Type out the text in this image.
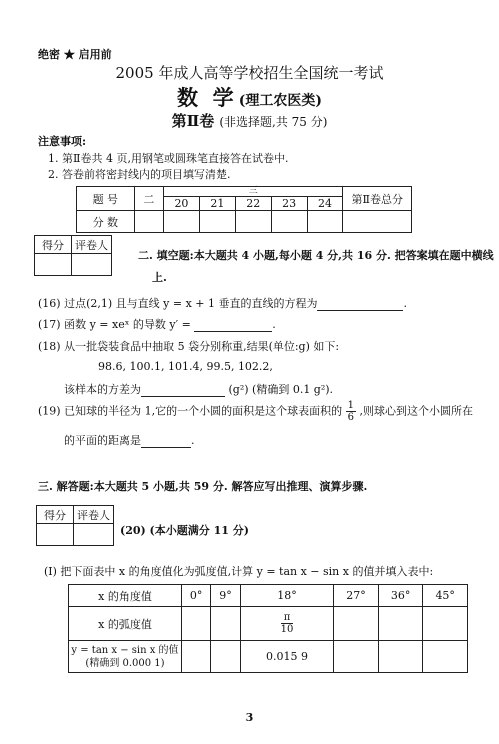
绝密 ★ 启用前
2005 年成人高等学校招生全国统一考试
数  学 (理工农医类)
第Ⅱ卷 (非选择题,共 75 分)
注意事项:
1. 第Ⅱ卷共 4 页,用钢笔或圆珠笔直接答在试卷中.
2. 答卷前将密封线内的项目填写清楚.
题 号	二	三					第Ⅱ卷总分
		20	21	22	23	24	
分 数							
得分	评卷人

二. 填空题:本大题共 4 小题,每小题 4 分,共 16 分. 把答案填在题中横线
上.
(16) 过点(2,1) 且与直线 y = x + 1 垂直的直线的方程为	.
(17) 函数 y = xeˣ 的导数 y′ =	.
(18) 从一批袋装食品中抽取 5 袋分别称重,结果(单位:g) 如下:
98.6, 100.1, 101.4, 99.5, 102.2,
该样本的方差为	(g²) (精确到 0.1 g²).
(19) 已知球的半径为 1,它的一个小圆的面积是这个球表面积的 $\frac{1}{6}$ ,则球心到这个小圆所在
的平面的距离是	.
三. 解答题:本大题共 5 小题,共 59 分. 解答应写出推理、演算步骤.
得分	评卷人

(20) (本小题满分 11 分)
(Ⅰ) 把下面表中 x 的角度值化为弧度值,计算 y = tan x − sin x 的值并填入表中:
x 的角度值	0°	9°	18°	27°	36°	45°
x 的弧度值			$\frac{\pi}{10}$

y = tan x − sin x 的值
(精确到 0.000 1)			0.015 9			
3
